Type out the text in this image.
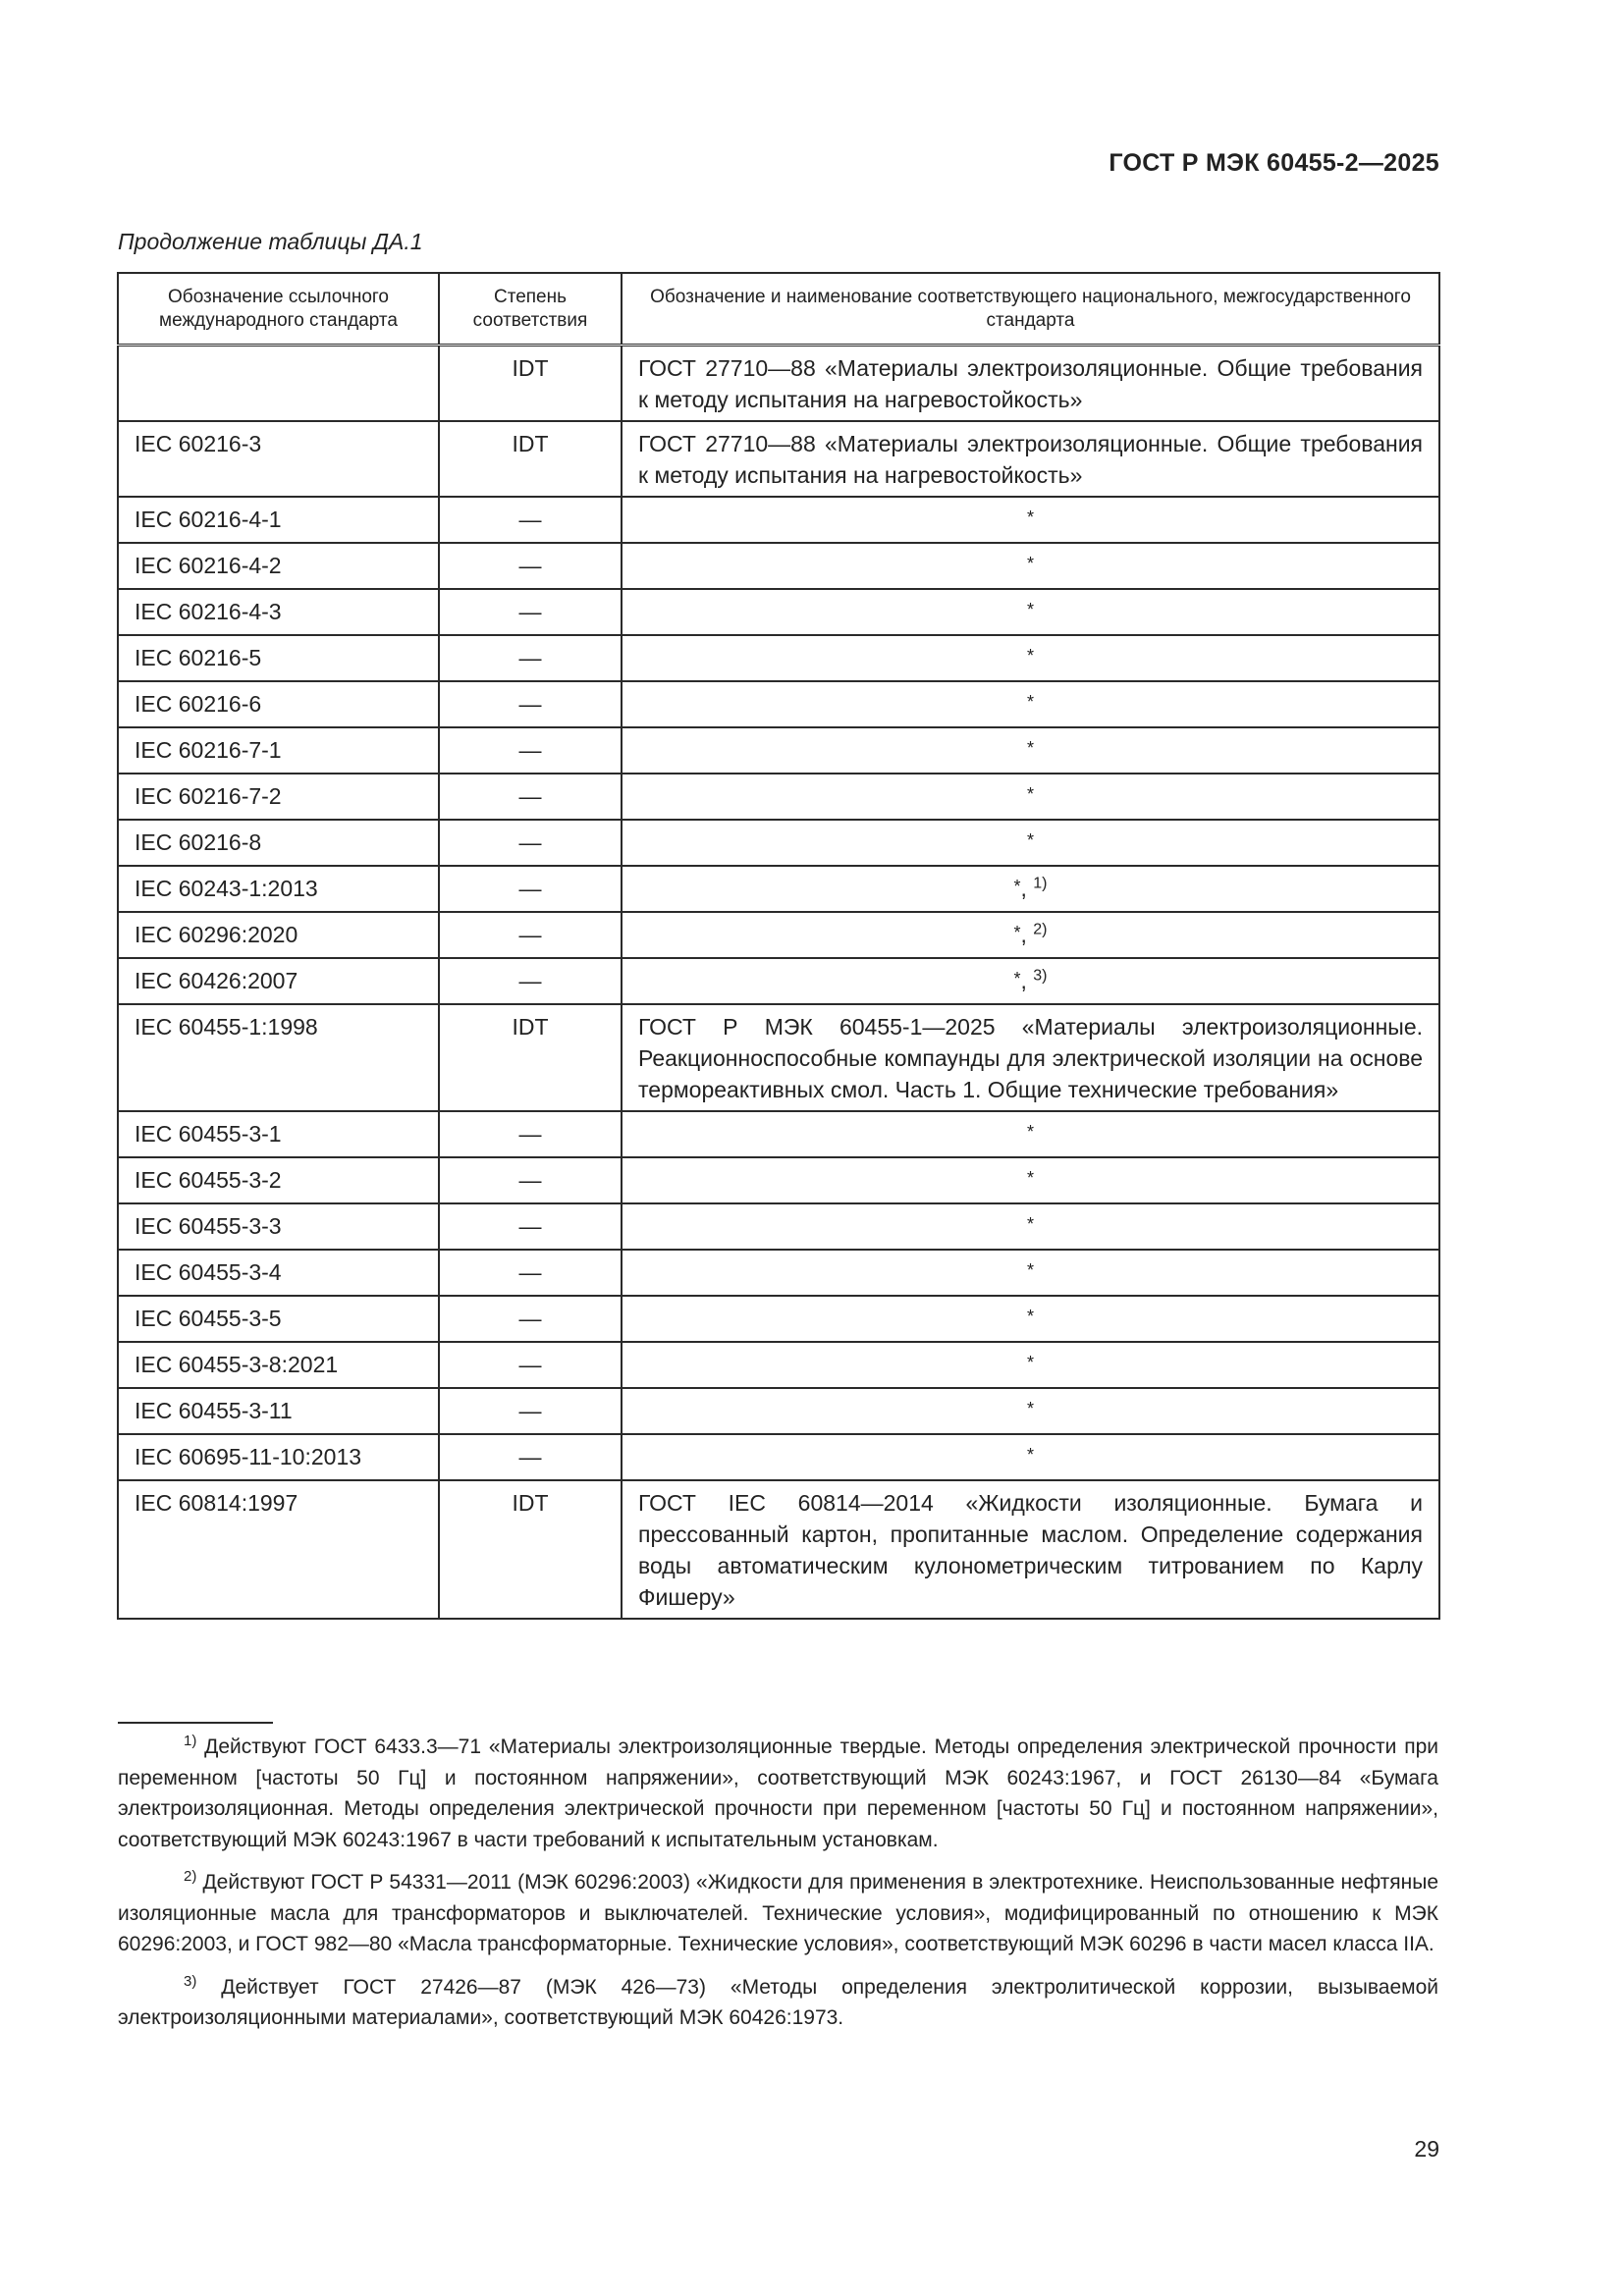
ГОСТ Р МЭК 60455-2—2025
Продолжение таблицы ДА.1
Обозначение ссылочного международного стандарта	Степень соответствия	Обозначение и наименование соответствующего национального, межгосударственного стандарта
	IDT	ГОСТ 27710—88 «Материалы электроизоляционные. Общие требования к методу испытания на нагревостойкость»
IEC 60216-3	IDT	ГОСТ 27710—88 «Материалы электроизоляционные. Общие требования к методу испытания на нагревостойкость»
IEC 60216-4-1	—	*
IEC 60216-4-2	—	*
IEC 60216-4-3	—	*
IEC 60216-5	—	*
IEC 60216-6	—	*
IEC 60216-7-1	—	*
IEC 60216-7-2	—	*
IEC 60216-8	—	*
IEC 60243-1:2013	—	*, $^{1)}$
IEC 60296:2020	—	*, $^{2)}$
IEC 60426:2007	—	*, $^{3)}$
IEC 60455-1:1998	IDT	ГОСТ Р МЭК 60455-1—2025 «Материалы электроизоляционные. Реакционноспособные компаунды для электрической изоляции на основе термореактивных смол. Часть 1. Общие технические требования»
IEC 60455-3-1	—	*
IEC 60455-3-2	—	*
IEC 60455-3-3	—	*
IEC 60455-3-4	—	*
IEC 60455-3-5	—	*
IEC 60455-3-8:2021	—	*
IEC 60455-3-11	—	*
IEC 60695-11-10:2013	—	*
IEC 60814:1997	IDT	ГОСТ IEC 60814—2014 «Жидкости изоляционные. Бумага и прессованный картон, пропитанные маслом. Определение содержания воды автоматическим кулонометрическим титрованием по Карлу Фишеру»

$^{1)}$ Действуют ГОСТ 6433.3—71 «Материалы электроизоляционные твердые. Методы определения электрической прочности при переменном [частоты 50 Гц] и постоянном напряжении», соответствующий МЭК 60243:1967, и ГОСТ 26130—84 «Бумага электроизоляционная. Методы определения электрической прочности при переменном [частоты 50 Гц] и постоянном напряжении», соответствующий МЭК 60243:1967 в части требований к испытательным установкам.

$^{2)}$ Действуют ГОСТ Р 54331—2011 (МЭК 60296:2003) «Жидкости для применения в электротехнике. Неиспользованные нефтяные изоляционные масла для трансформаторов и выключателей. Технические условия», модифицированный по отношению к МЭК 60296:2003, и ГОСТ 982—80 «Масла трансформаторные. Технические условия», соответствующий МЭК 60296 в части масел класса IIA.

$^{3)}$ Действует ГОСТ 27426—87 (МЭК 426—73) «Методы определения электролитической коррозии, вызываемой электроизоляционными материалами», соответствующий МЭК 60426:1973.

29
